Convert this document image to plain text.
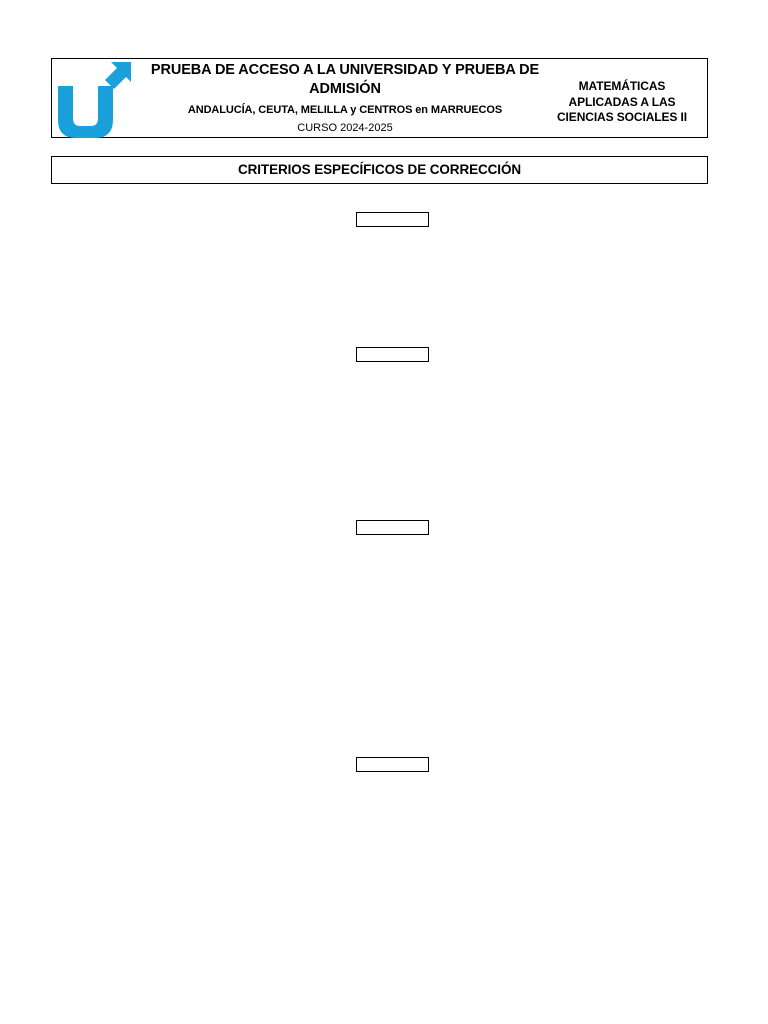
PRUEBA DE ACCESO A LA UNIVERSIDAD Y PRUEBA DE ADMISIÓN
ANDALUCÍA, CEUTA, MELILLA y CENTROS en MARRUECOS
CURSO 2024-2025
MATEMÁTICAS APLICADAS A LAS CIENCIAS SOCIALES II
CRITERIOS ESPECÍFICOS DE CORRECCIÓN
